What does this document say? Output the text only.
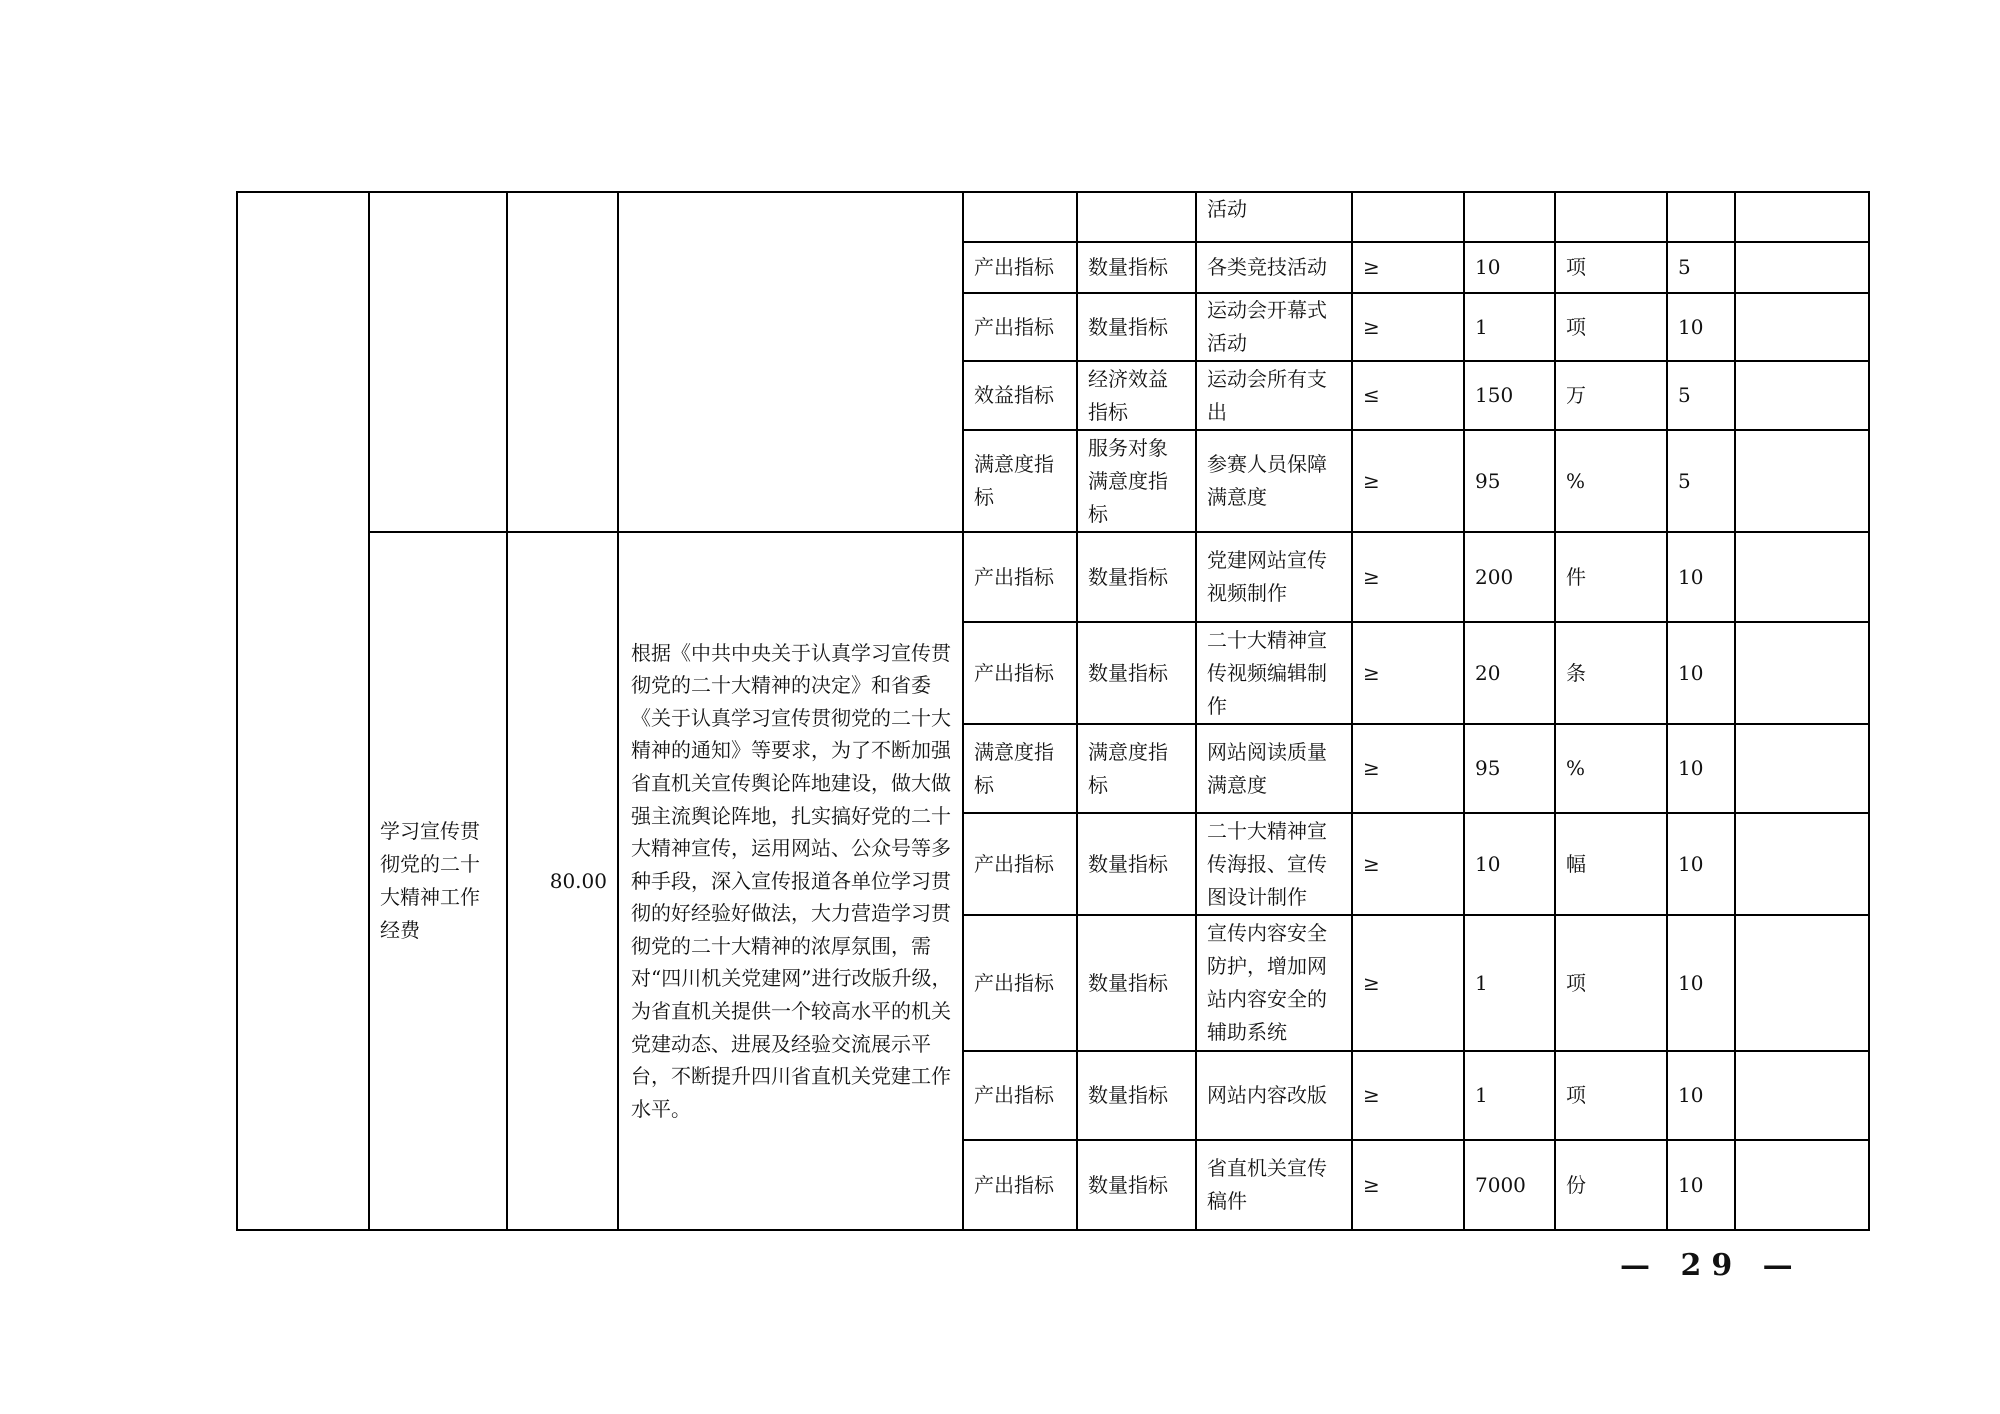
						活动					
				产出指标	数量指标	各类竞技活动	≥	10	项	5	
				产出指标	数量指标	运动会开幕式活动	≥	1	项	10	
				效益指标	经济效益指标	运动会所有支出	≤	150	万	5	
				满意度指标	服务对象满意度指标	参赛人员保障满意度	≥	95	%	5	
	学习宣传贯彻党的二十大精神工作经费	80.00	根据《中共中央关于认真学习宣传贯彻党的二十大精神的决定》和省委《关于认真学习宣传贯彻党的二十大精神的通知》等要求，为了不断加强省直机关宣传舆论阵地建设，做大做强主流舆论阵地，扎实搞好党的二十大精神宣传，运用网站、公众号等多种手段，深入宣传报道各单位学习贯彻的好经验好做法，大力营造学习贯彻党的二十大精神的浓厚氛围，需对“四川机关党建网”进行改版升级，为省直机关提供一个较高水平的机关党建动态、进展及经验交流展示平台，不断提升四川省直机关党建工作水平。	产出指标	数量指标	党建网站宣传视频制作	≥	200	件	10	
				产出指标	数量指标	二十大精神宣传视频编辑制作	≥	20	条	10	
				满意度指标	满意度指标	网站阅读质量满意度	≥	95	%	10	
				产出指标	数量指标	二十大精神宣传海报、宣传图设计制作	≥	10	幅	10	
				产出指标	数量指标	宣传内容安全防护，增加网站内容安全的辅助系统	≥	1	项	10	
				产出指标	数量指标	网站内容改版	≥	1	项	10	
				产出指标	数量指标	省直机关宣传稿件	≥	7000	份	10	
— 29 —
